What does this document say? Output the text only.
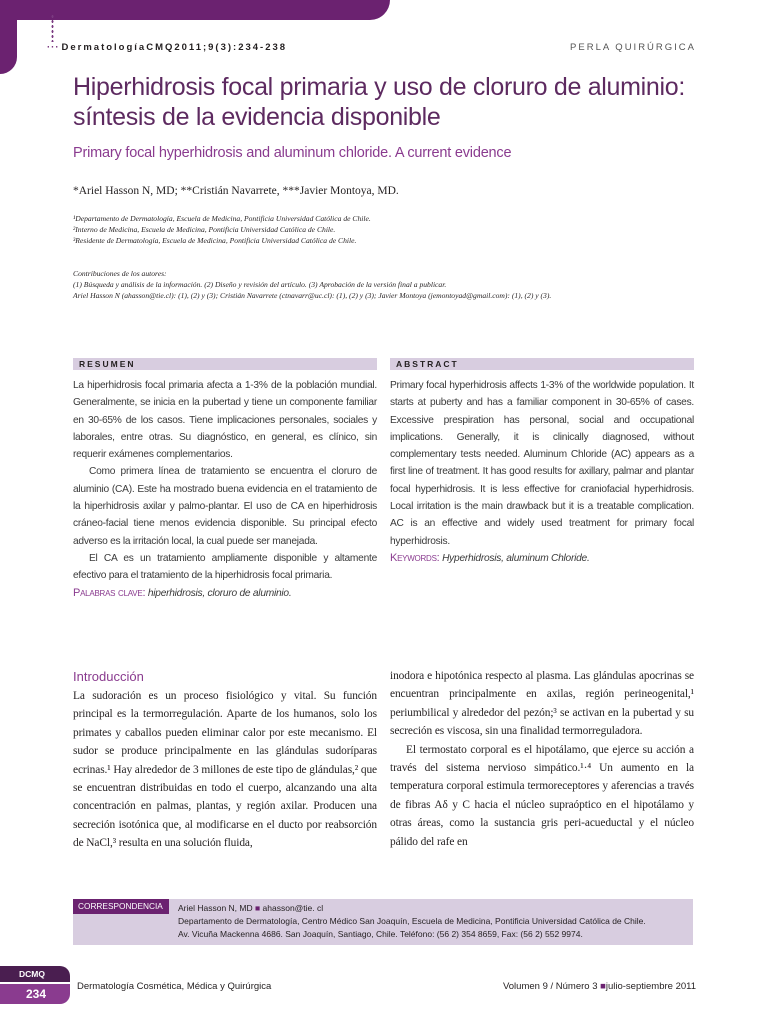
··· DermatologíaCMQ2011;9(3):234-238	PERLA QUIRÚRGICA
Hiperhidrosis focal primaria y uso de cloruro de aluminio: síntesis de la evidencia disponible
Primary focal hyperhidrosis and aluminum chloride. A current evidence
*Ariel Hasson N, MD; **Cristián Navarrete, ***Javier Montoya, MD.
¹Departamento de Dermatología, Escuela de Medicina, Pontificia Universidad Católica de Chile.
²Interno de Medicina, Escuela de Medicina, Pontificia Universidad Católica de Chile.
³Residente de Dermatología, Escuela de Medicina, Pontificia Universidad Católica de Chile.
Contribuciones de los autores:
(1) Búsqueda y análisis de la información. (2) Diseño y revisión del artículo. (3) Aprobación de la versión final a publicar.
Ariel Hasson N (ahasson@tie.cl): (1), (2) y (3); Cristián Navarrete (ctnavarr@uc.cl): (1), (2) y (3); Javier Montoya (jemontoyad@gmail.com): (1), (2) y (3).
RESUMEN

La hiperhidrosis focal primaria afecta a 1-3% de la población mundial. Generalmente, se inicia en la pubertad y tiene un componente familiar en 30-65% de los casos. Tiene implicaciones personales, sociales y laborales, entre otras. Su diagnóstico, en general, es clínico, sin requerir exámenes complementarios.

Como primera línea de tratamiento se encuentra el cloruro de aluminio (CA). Este ha mostrado buena evidencia en el tratamiento de la hiperhidrosis axilar y palmo-plantar. El uso de CA en hiperhidrosis cráneo-facial tiene menos evidencia disponible. Su principal efecto adverso es la irritación local, la cual puede ser manejada.

El CA es un tratamiento ampliamente disponible y altamente efectivo para el tratamiento de la hiperhidrosis focal primaria.

Palabras clave: hiperhidrosis, cloruro de aluminio.
ABSTRACT

Primary focal hyperhidrosis affects 1-3% of the worldwide population. It starts at puberty and has a familiar component in 30-65% of cases. Excessive prespiration has personal, social and occupational implications. Generally, it is clinically diagnosed, without complementary tests needed. Aluminum Chloride (AC) appears as a first line of treatment. It has good results for axillary, palmar and plantar focal hyperhidrosis. It is less effective for craniofacial hyperhidrosis. Local irritation is the main drawback but it is a treatable complication. AC is an effective and widely used treatment for primary focal hyperhidrosis.

Keywords: Hyperhidrosis, aluminum Chloride.
Introducción

La sudoración es un proceso fisiológico y vital. Su función principal es la termorregulación. Aparte de los humanos, solo los primates y caballos pueden eliminar calor por este mecanismo. El sudor se produce principalmente en las glándulas sudoríparas ecrinas.¹ Hay alrededor de 3 millones de este tipo de glándulas,² que se encuentran distribuidas en todo el cuerpo, alcanzando una alta concentración en palmas, plantas, y región axilar. Producen una secreción isotónica que, al modificarse en el ducto por reabsorción de NaCl,³ resulta en una solución fluida,

inodora e hipotónica respecto al plasma. Las glándulas apocrinas se encuentran principalmente en axilas, región perineogenital,¹ periumbilical y alrededor del pezón;³ se activan en la pubertad y su secreción es viscosa, sin una finalidad termorreguladora.

El termostato corporal es el hipotálamo, que ejerce su acción a través del sistema nervioso simpático.¹·⁴ Un aumento en la temperatura corporal estimula termoreceptores y aferencias a través de fibras Aδ y C hacia el núcleo supraóptico en el hipotálamo y otras áreas, como la sustancia gris peri-acueductal y el núcleo pálido del rafe en

CORRESPONDENCIA	Ariel Hasson N, MD ■ ahasson@tie. cl
Departamento de Dermatología, Centro Médico San Joaquín, Escuela de Medicina, Pontificia Universidad Católica de Chile.
Av. Vicuña Mackenna 4686. San Joaquín, Santiago, Chile. Teléfono: (56 2) 354 8659, Fax: (56 2) 552 9974.
DCMQ
234
Dermatología Cosmética, Médica y Quirúrgica	Volumen 9 / Número 3 ■julio-septiembre 2011
